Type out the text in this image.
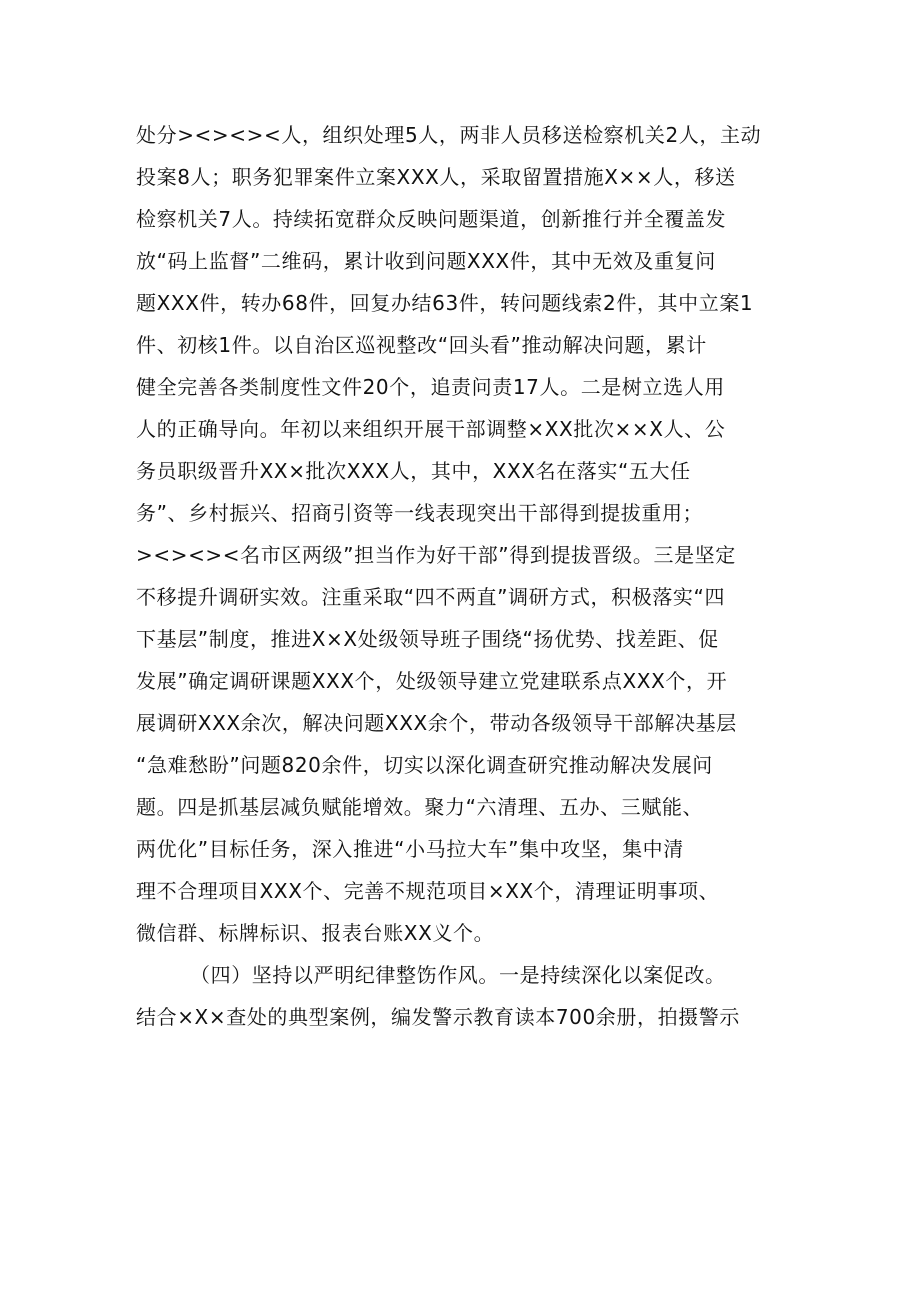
处分><><><人，组织处理5人，两非人员移送检察机关2人，主动
投案8人；职务犯罪案件立案XXX人，采取留置措施X××人，移送
检察机关7人。持续拓宽群众反映问题渠道，创新推行并全覆盖发
放“码上监督”二维码，累计收到问题XXX件，其中无效及重复问
题XXX件，转办68件，回复办结63件，转问题线索2件，其中立案1
件、初核1件。以自治区巡视整改“回头看”推动解决问题，累计
健全完善各类制度性文件20个，追责问责17人。二是树立选人用
人的正确导向。年初以来组织开展干部调整×XX批次××X人、公
务员职级晋升XX×批次XXX人，其中，XXX名在落实“五大任
务”、乡村振兴、招商引资等一线表现突出干部得到提拔重用；
><><><名市区两级”担当作为好干部”得到提拔晋级。三是坚定
不移提升调研实效。注重采取“四不两直”调研方式，积极落实“四
下基层”制度，推进X×X处级领导班子围绕“扬优势、找差距、促
发展”确定调研课题XXX个，处级领导建立党建联系点XXX个，开
展调研XXX余次，解决问题XXX余个，带动各级领导干部解决基层
“急难愁盼”问题820余件，切实以深化调查研究推动解决发展问
题。四是抓基层减负赋能增效。聚力“六清理、五办、三赋能、
两优化”目标任务，深入推进“小马拉大车”集中攻坚，集中清
理不合理项目XXX个、完善不规范项目×XX个，清理证明事项、
微信群、标牌标识、报表台账XX义个。
（四）坚持以严明纪律整饬作风。一是持续深化以案促改。
结合×X×查处的典型案例，编发警示教育读本700余册，拍摄警示
